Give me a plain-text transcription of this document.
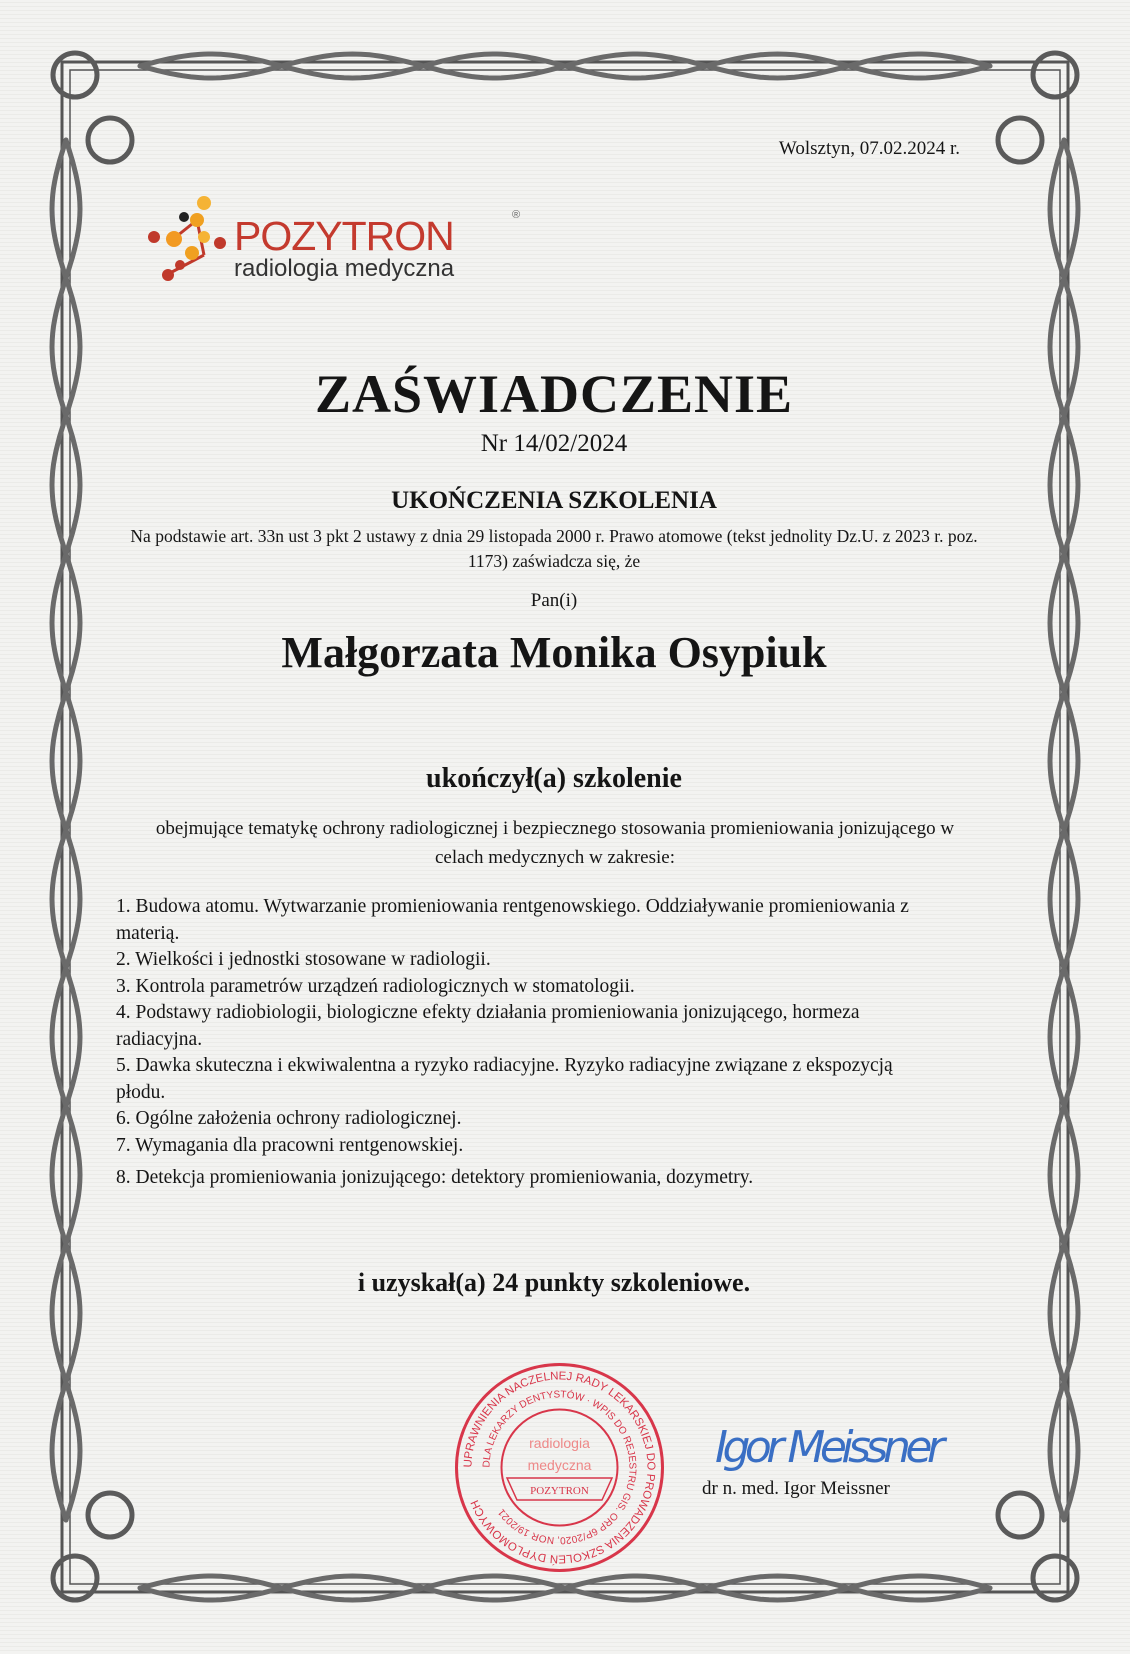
Wolsztyn, 07.02.2024 r.
POZYTRON	®
radiologia medyczna
ZAŚWIADCZENIE
Nr 14/02/2024
UKOŃCZENIA SZKOLENIA
Na podstawie art. 33n ust 3 pkt 2 ustawy z dnia 29 listopada 2000 r. Prawo atomowe (tekst jednolity Dz.U. z 2023 r. poz. 1173) zaświadcza się, że
Pan(i)
Małgorzata Monika Osypiuk
ukończył(a) szkolenie
obejmujące tematykę ochrony radiologicznej i bezpiecznego stosowania promieniowania jonizującego w celach medycznych w zakresie:
1. Budowa atomu. Wytwarzanie promieniowania rentgenowskiego. Oddziaływanie promieniowania z materią.
2. Wielkości i jednostki stosowane w radiologii.
3. Kontrola parametrów urządzeń radiologicznych w stomatologii.
4. Podstawy radiobiologii, biologiczne efekty działania promieniowania jonizującego, hormeza radiacyjna.
5. Dawka skuteczna i ekwiwalentna a ryzyko radiacyjne. Ryzyko radiacyjne związane z ekspozycją płodu.
6. Ogólne założenia ochrony radiologicznej.
7. Wymagania dla pracowni rentgenowskiej.
8. Detekcja promieniowania jonizującego: detektory promieniowania, dozymetry.
i uzyskał(a) 24 punkty szkoleniowe.
UPRAWNIENIA NACZELNEJ RADY LEKARSKIEJ DO PROWADZENIA SZKOLEŃ DYPLOMOWYCH
DLA LEKARZY DENTYSTÓW · WPIS DO REJESTRU GIS. ORP 6P/2020, NOR 19/2021
radiologia
medyczna
POZYTRON
Igor Meissner
dr n. med. Igor Meissner
